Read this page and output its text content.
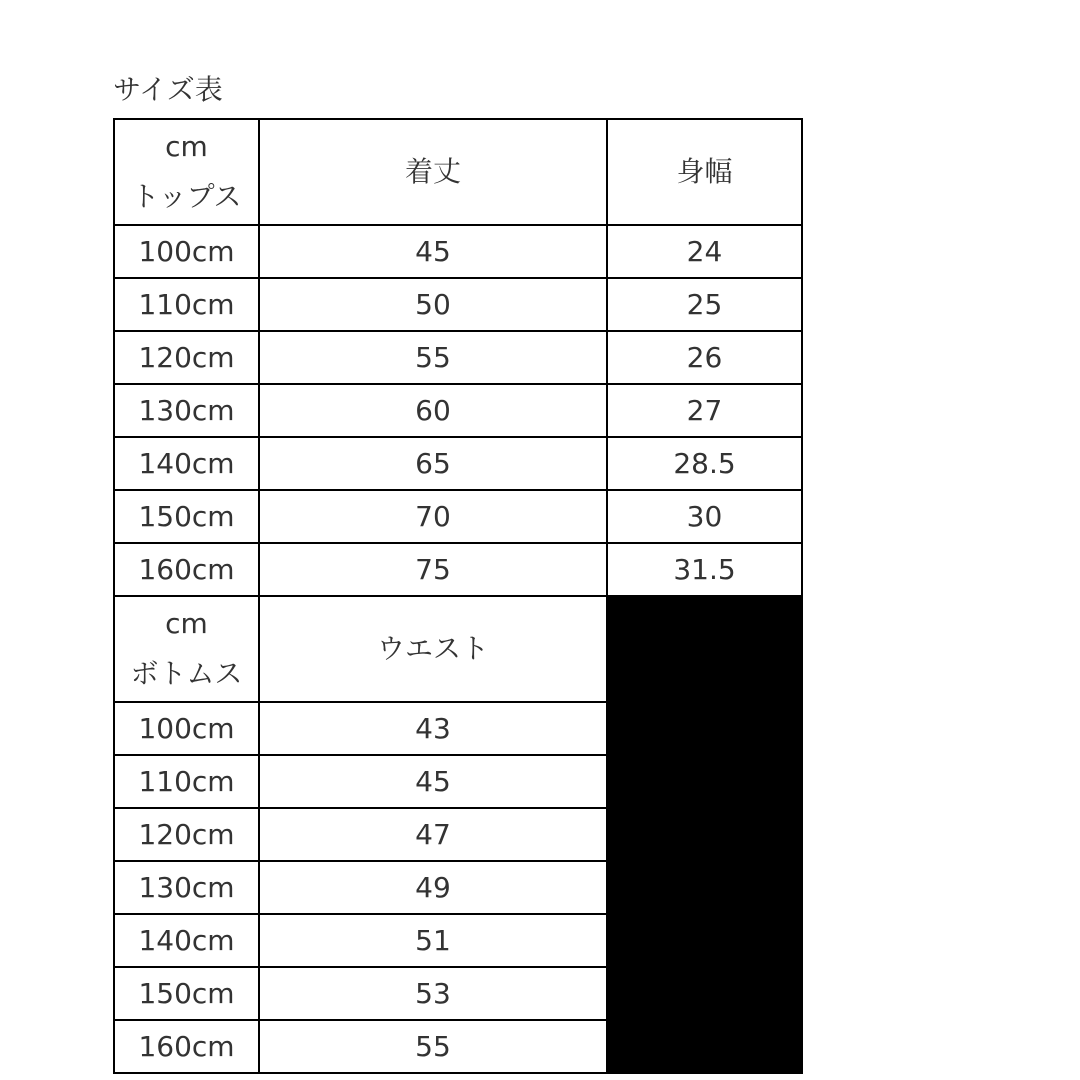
サイズ表
cm
トップス	着丈	身幅
100cm	45	24
110cm	50	25
120cm	55	26
130cm	60	27
140cm	65	28.5
150cm	70	30
160cm	75	31.5

cm
ボトムス	ウエスト	
100cm	43	
110cm	45	
120cm	47	
130cm	49	
140cm	51	
150cm	53	
160cm	55	
